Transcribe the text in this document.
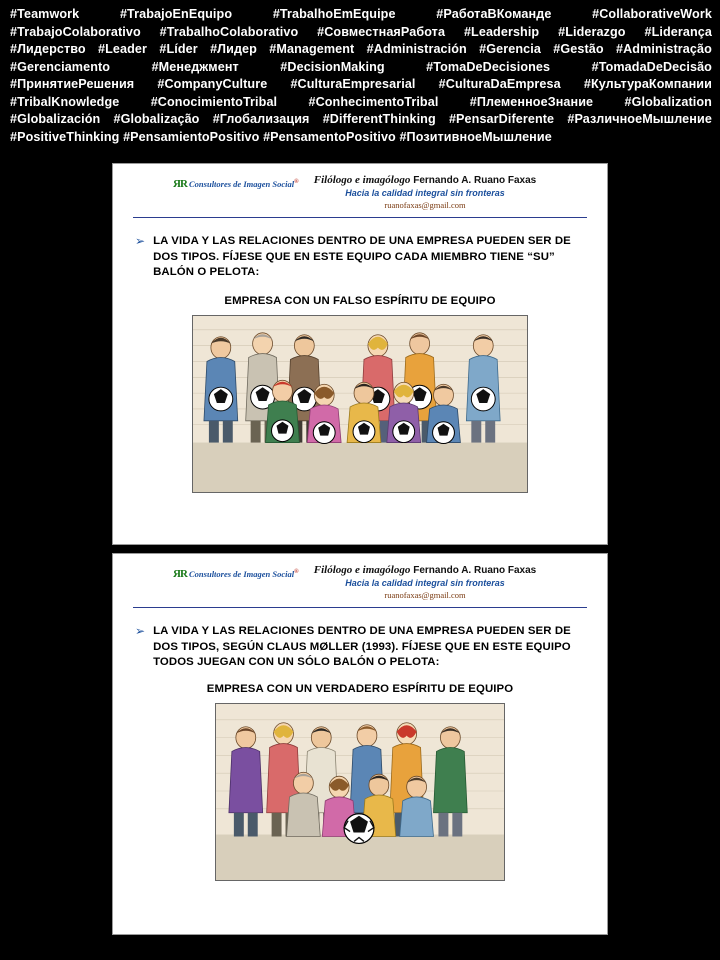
#Teamwork	#TrabajoEnEquipo	#TrabalhoEmEquipe	#РаботаВКоманде	#CollaborativeWork
#TrabajoColaborativo #TrabalhoColaborativo #СовместнаяРабота #Leadership #Liderazgo #Liderança
#Лидерство #Leader #Líder #Лидер #Management #Administración #Gerencia #Gestão #Administração
#Gerenciamento	#Менеджмент	#DecisionMaking	#TomaDeDecisiones	#TomadaDeDecisão
#ПринятиеРешения #CompanyCulture #CulturaEmpresarial #CulturaDaEmpresa #КультураКомпании
#TribalKnowledge #ConocimientoTribal #ConhecimentoTribal #ПлеменноеЗнание #Globalization
#Globalización #Globalização #Глобализация #DifferentThinking #PensarDiferente #РазличноеМышление
#PositiveThinking #PensamientoPositivo #PensamentoPositivo #ПозитивноеМышление
ЯR Consultores de Imagen Social®	Filólogo e imagólogo Fernando A. Ruano Faxas
Hacia la calidad integral sin fronteras
ruanofaxas@gmail.com
➢ LA VIDA Y LAS RELACIONES DENTRO DE UNA EMPRESA PUEDEN SER DE DOS TIPOS. FÍJESE QUE EN ESTE EQUIPO CADA MIEMBRO TIENE “SU” BALÓN O PELOTA:
EMPRESA CON UN FALSO ESPÍRITU DE EQUIPO
ЯR Consultores de Imagen Social®	Filólogo e imagólogo Fernando A. Ruano Faxas
Hacia la calidad integral sin fronteras
ruanofaxas@gmail.com
➢ LA VIDA Y LAS RELACIONES DENTRO DE UNA EMPRESA PUEDEN SER DE DOS TIPOS, SEGÚN CLAUS MØLLER (1993). FÍJESE QUE EN ESTE EQUIPO TODOS JUEGAN CON UN SÓLO BALÓN O PELOTA:
EMPRESA CON UN VERDADERO ESPÍRITU DE EQUIPO
